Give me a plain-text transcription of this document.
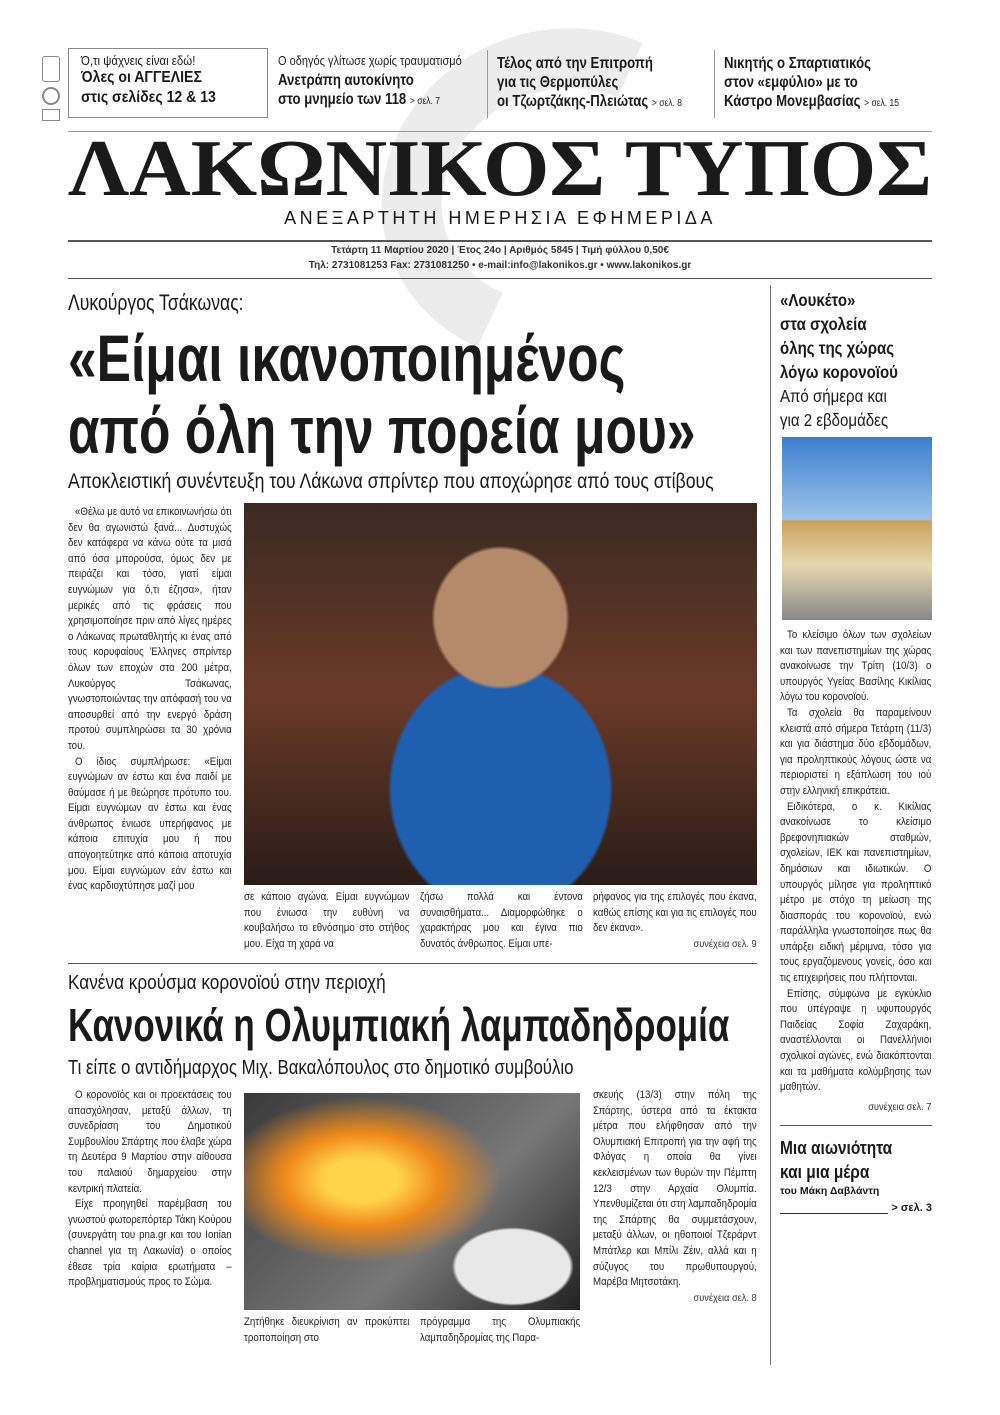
Ό,τι ψάχνεις είναι εδώ!
Όλες οι ΑΓΓΕΛΙΕΣ
στις σελίδες 12 & 13
Ο οδηγός γλίτωσε χωρίς τραυματισμό
Ανετράπη αυτοκίνητο
στο μνημείο των 118 > σελ. 7
Τέλος από την Επιτροπή
για τις Θερμοπύλες
οι Τζωρτζάκης-Πλειώτας > σελ. 8
Νικητής ο Σπαρτιατικός
στον «εμφύλιο» με το
Κάστρο Μονεμβασίας > σελ. 15
ΛΑΚΩΝΙΚΟΣ ΤΥΠΟΣ
ΑΝΕΞΑΡΤΗΤΗ ΗΜΕΡΗΣΙΑ ΕΦΗΜΕΡΙΔΑ
Τετάρτη 11 Μαρτίου 2020 | Έτος 24ο | Αριθμός 5845 | Τιμή φύλλου 0,50€
Τηλ: 2731081253 Fax: 2731081250 • e-mail:info@lakonikos.gr • www.lakonikos.gr
Λυκούργος Τσάκωνας:
«Είμαι ικανοποιημένος
από όλη την πορεία μου»
Αποκλειστική συνέντευξη του Λάκωνα σπρίντερ που αποχώρησε από τους στίβους

«Θέλω με αυτό να επικοινωνήσω ότι δεν θα αγωνιστώ ξανά... Δυστυχώς δεν κατάφερα να κάνω ούτε τα μισά από όσα μπορούσα, όμως δεν με πειράζει και τόσο, γιατί είμαι ευγνώμων για ό,τι έζησα», ήταν μερικές από τις φράσεις που χρησιμοποίησε πριν από λίγες ημέρες ο Λάκωνας πρωταθλητής κι ένας από τους κορυφαίους Έλληνες σπρίντερ όλων των εποχών στα 200 μέτρα, Λυκούργος Τσάκωνας, γνωστοποιώντας την απόφασή του να αποσυρθεί από την ενεργό δράση προτού συμπληρώσει τα 30 χρόνια του.

Ο ίδιος συμπλήρωσε: «Είμαι ευγνώμων αν έστω και ένα παιδί με θαύμασε ή με θεώρησε πρότυπο του. Είμαι ευγνώμων αν έστω και ένας άνθρωπος ένιωσε υπερήφανος με κάποια επιτυχία μου ή που απογοητεύτηκε από κάποια αποτυχία μου. Είμαι ευγνώμων εάν έστω και ένας καρδιοχτύπησε μαζί μου

σε κάποιο αγώνα. Είμαι ευγνώμων που ένιωσα την ευθύνη να κουβαλήσω το εθνόσημο στο στήθος μου. Είχα τη χαρά να
ζήσω πολλά και έντονα συναισθήματα... Διαμορφώθηκε ο χαρακτήρας μου και έγινα πιο δυνατός άνθρωπος. Είμαι υπε-
ρήφανος για της επιλογές που έκανα, καθώς επίσης και για τις επιλογές που δεν έκανα».
συνέχεια σελ. 9
Κανένα κρούσμα κορονοϊού στην περιοχή
Κανονικά η Ολυμπιακή λαμπαδηδρομία
Τι είπε ο αντιδήμαρχος Μιχ. Βακαλόπουλος στο δημοτικό συμβούλιο

Ο κορονοϊός και οι προεκτάσεις του απασχόλησαν, μεταξύ άλλων, τη συνεδρίαση του Δημοτικού Συμβουλίου Σπάρτης που έλαβε χώρα τη Δευτέρα 9 Μαρτίου στην αίθουσα του παλαιού δημαρχείου στην κεντρική πλατεία.

Είχε προηγηθεί παρέμβαση του γνωστού φωτορεπόρτερ Τάκη Κούρου (συνεργάτη του pna.gr και του Ionian channel για τη Λακωνία) ο οποίος έθεσε τρία καίρια ερωτήματα – προβληματισμούς προς το Σώμα.

Ζητήθηκε διευκρίνιση αν προκύπτει τροποποίηση στο
πρόγραμμα της Ολυμπιακής λαμπαδηδρομίας της Παρα-
σκευής (13/3) στην πόλη της Σπάρτης, ύστερα από τα έκτακτα μέτρα που ελήφθησαν από την Ολυμπιακή Επιτροπή για την αφή της Φλόγας η οποία θα γίνει κεκλεισμένων των θυρών την Πέμπτη 12/3 στην Αρχαία Ολυμπία. Υπενθυμίζεται ότι στη λαμπαδηδρομία της Σπάρτης θα συμμετάσχουν, μεταξύ άλλων, οι ηθοποιοί Τζεράρντ Μπάτλερ και Μπίλι Ζέιν, αλλά και η σύζυγος του πρωθυπουργού, Μαρέβα Μητσοτάκη.
συνέχεια σελ. 8
«Λουκέτο»
στα σχολεία
όλης της χώρας
λόγω κορονοϊού
Από σήμερα και
για 2 εβδομάδες

Το κλείσιμο όλων των σχολείων και των πανεπιστημίων της χώρας ανακοίνωσε την Τρίτη (10/3) ο υπουργός Υγείας Βασίλης Κικίλιας λόγω του κορονοϊού.

Τα σχολεία θα παραμείνουν κλειστά από σήμερα Τετάρτη (11/3) και για διάστημα δύο εβδομάδων, για προληπτικούς λόγους ώστε να περιοριστεί η εξάπλωση του ιού στην ελληνική επικράτεια.

Ειδικότερα, ο κ. Κικίλιας ανακοίνωσε το κλείσιμο βρεφονηπιακών σταθμών, σχολείων, ΙΕΚ και πανεπιστημίων, δημόσιων και ιδιωτικών. Ο υπουργός μίλησε για προληπτικό μέτρο με στόχο τη μείωση της διασποράς του κορονοϊού, ενώ παράλληλα γνωστοποίησε πως θα υπάρξει ειδική μέριμνα, τόσο για τους εργαζόμενους γονείς, όσο και τις επιχειρήσεις που πλήττονται.

Επίσης, σύμφωνα με εγκύκλιο που υπέγραψε η υφυπουργός Παιδείας Σοφία Ζαχαράκη, αναστέλλονται οι Πανελλήνιοι σχολικοί αγώνες, ενώ διακόπτονται και τα μαθήματα κολύμβησης των μαθητών.

συνέχεια σελ. 7
Μια αιωνιότητα
και μια μέρα
του Μάκη Δαβλάντη
> σελ. 3
